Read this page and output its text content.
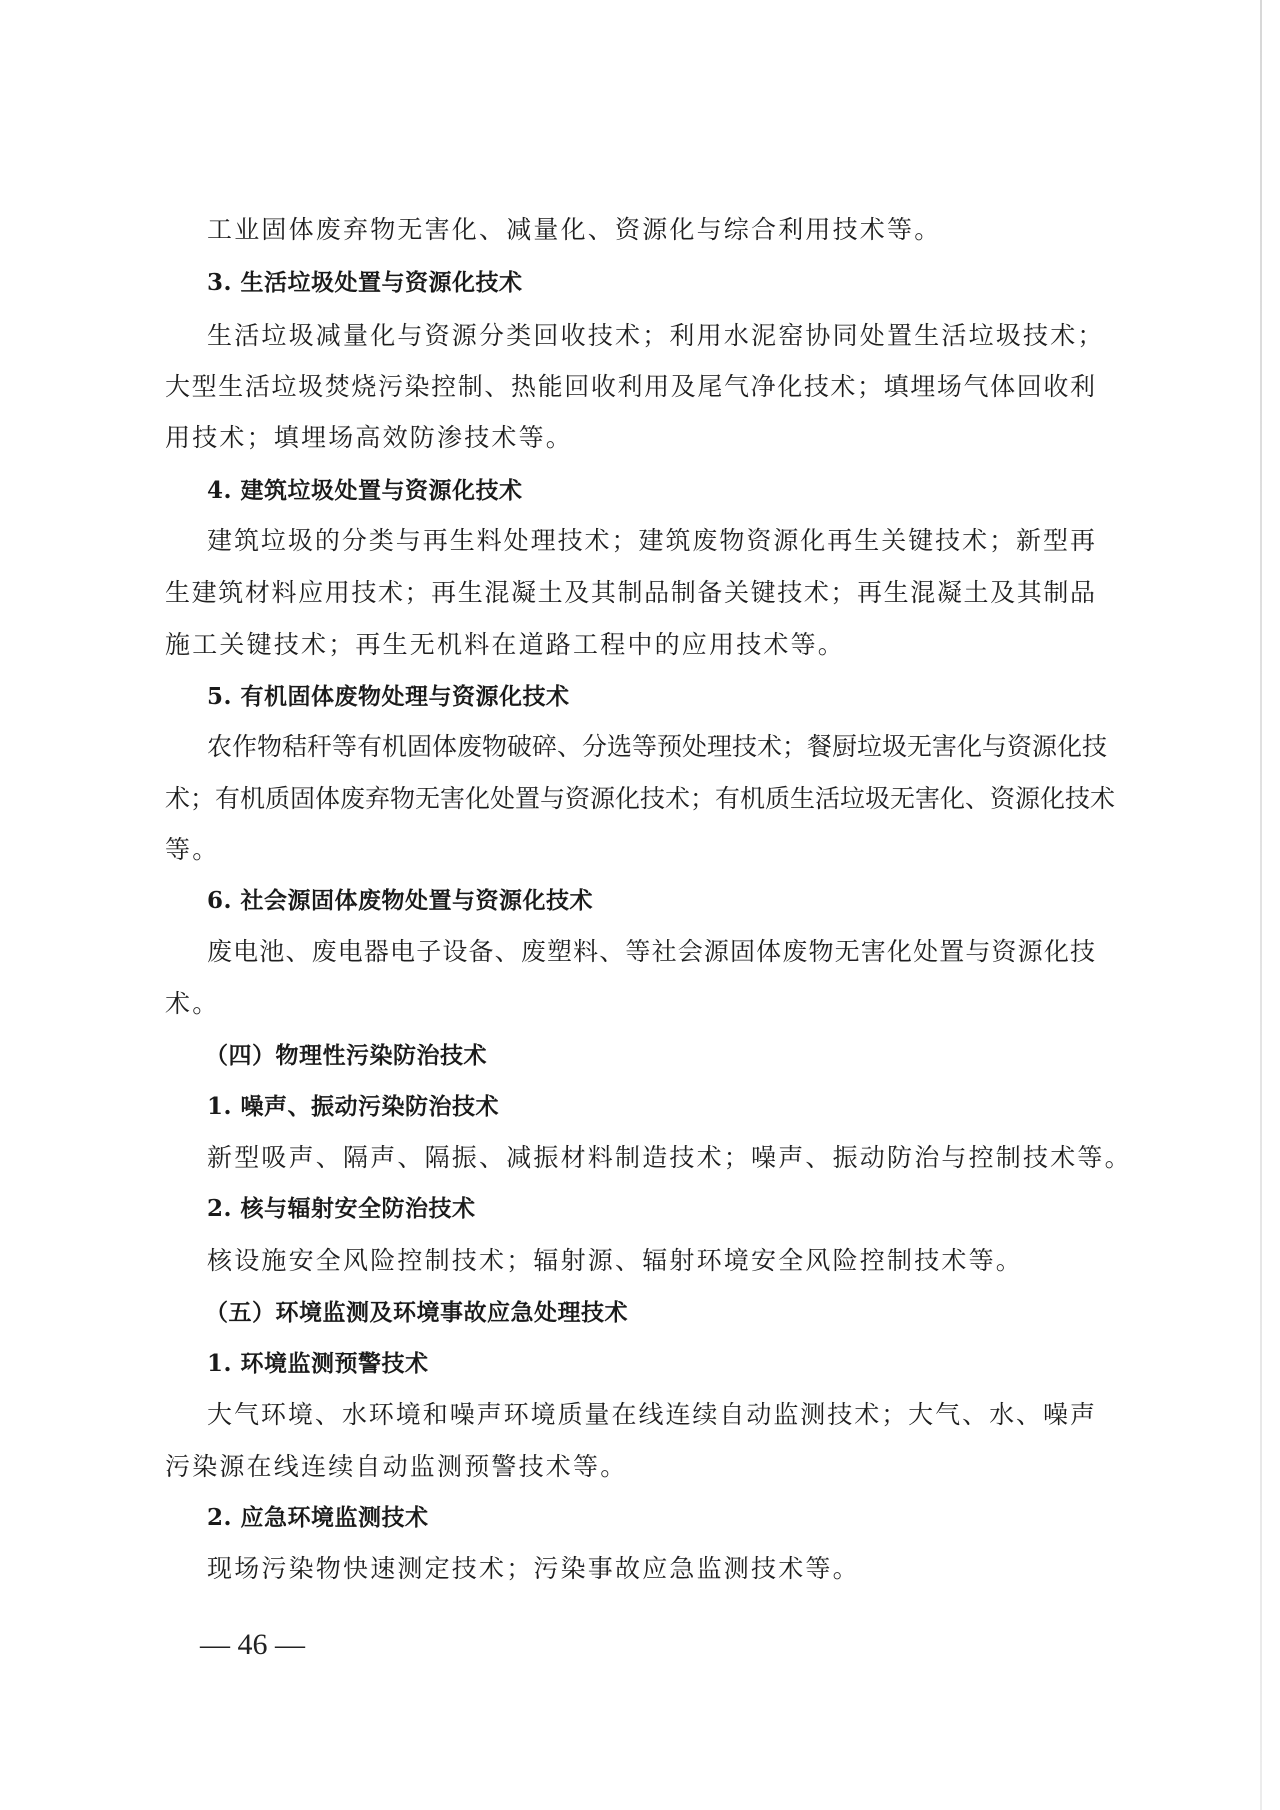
工业固体废弃物无害化、减量化、资源化与综合利用技术等。
3. 生活垃圾处置与资源化技术
生活垃圾减量化与资源分类回收技术；利用水泥窑协同处置生活垃圾技术；
大型生活垃圾焚烧污染控制、热能回收利用及尾气净化技术；填埋场气体回收利
用技术；填埋场高效防渗技术等。
4. 建筑垃圾处置与资源化技术
建筑垃圾的分类与再生料处理技术；建筑废物资源化再生关键技术；新型再
生建筑材料应用技术；再生混凝土及其制品制备关键技术；再生混凝土及其制品
施工关键技术；再生无机料在道路工程中的应用技术等。
5. 有机固体废物处理与资源化技术
农作物秸秆等有机固体废物破碎、分选等预处理技术；餐厨垃圾无害化与资源化技
术；有机质固体废弃物无害化处置与资源化技术；有机质生活垃圾无害化、资源化技术
等。
6. 社会源固体废物处置与资源化技术
废电池、废电器电子设备、废塑料、等社会源固体废物无害化处置与资源化技
术。
（四）物理性污染防治技术
1. 噪声、振动污染防治技术
新型吸声、隔声、隔振、减振材料制造技术；噪声、振动防治与控制技术等。
2. 核与辐射安全防治技术
核设施安全风险控制技术；辐射源、辐射环境安全风险控制技术等。
（五）环境监测及环境事故应急处理技术
1. 环境监测预警技术
大气环境、水环境和噪声环境质量在线连续自动监测技术；大气、水、噪声
污染源在线连续自动监测预警技术等。
2. 应急环境监测技术
现场污染物快速测定技术；污染事故应急监测技术等。
— 46 —
